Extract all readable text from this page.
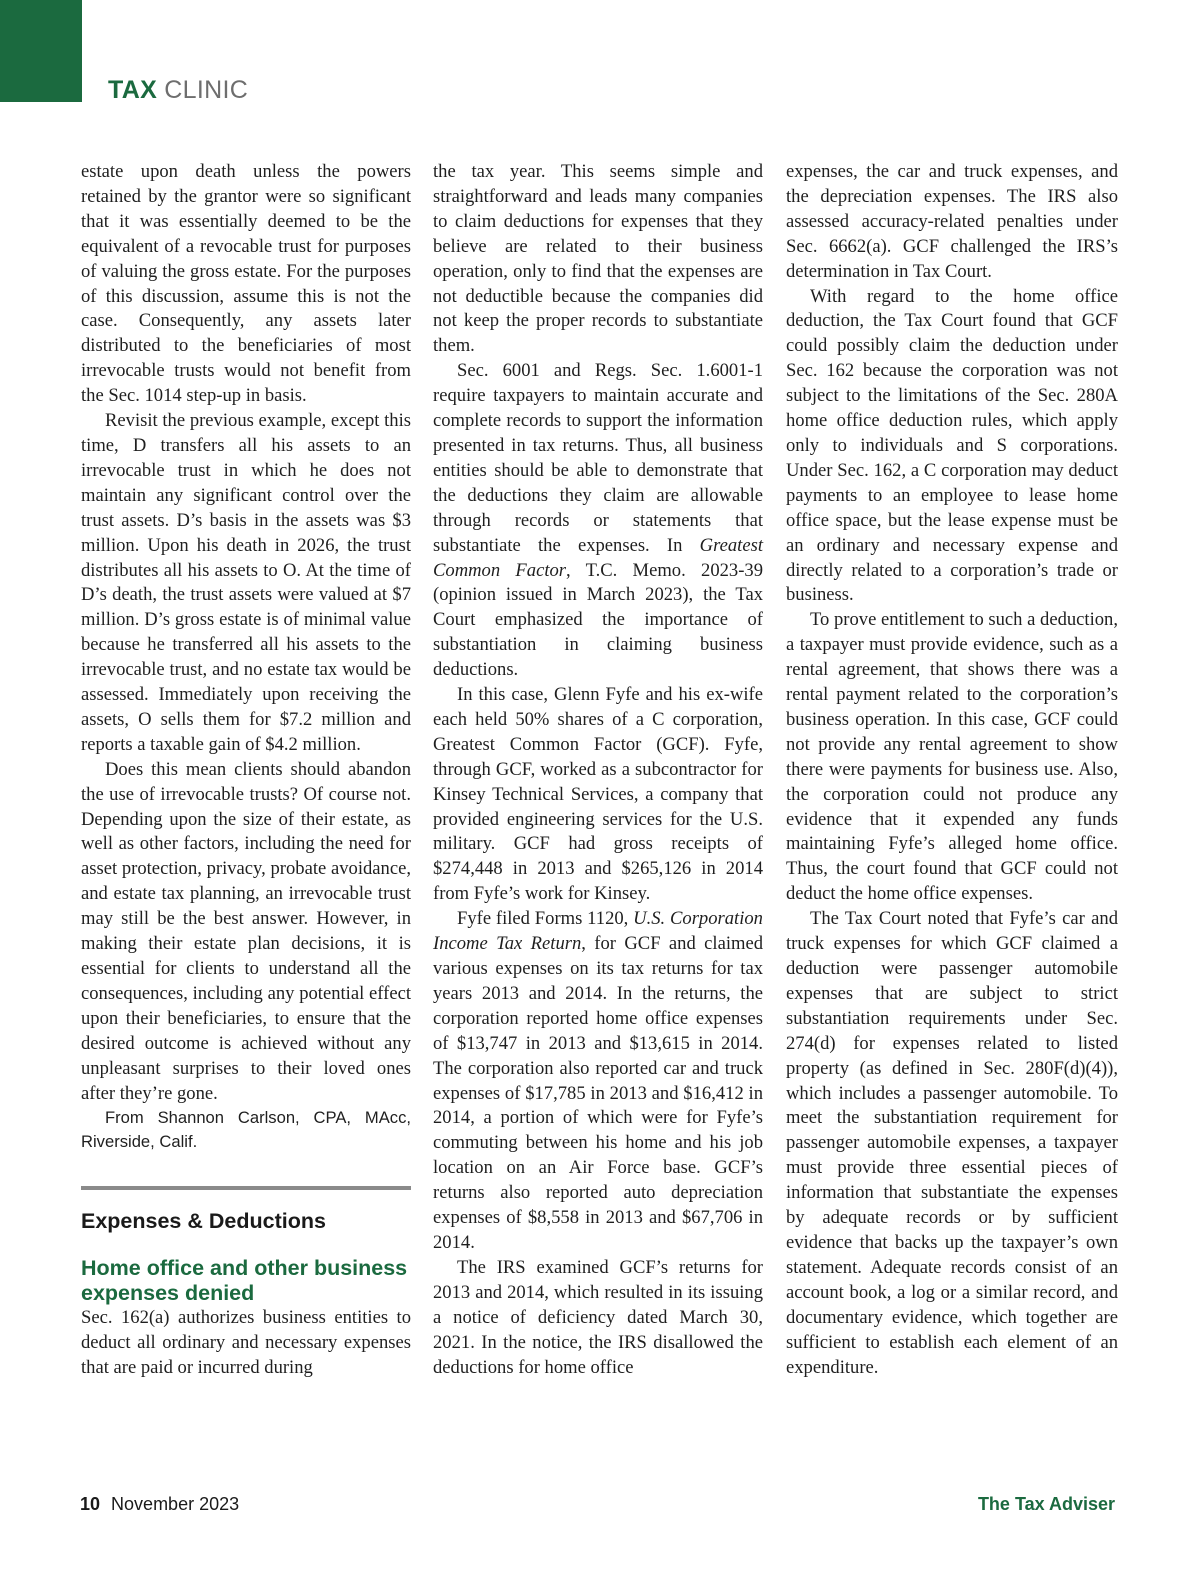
TAX CLINIC

estate upon death unless the powers retained by the grantor were so significant that it was essentially deemed to be the equivalent of a revocable trust for purposes of valuing the gross estate. For the purposes of this discussion, assume this is not the case. Consequently, any assets later distributed to the beneficiaries of most irrevocable trusts would not benefit from the Sec. 1014 step-up in basis.

Revisit the previous example, except this time, D transfers all his assets to an irrevocable trust in which he does not maintain any significant control over the trust assets. D’s basis in the assets was $3 million. Upon his death in 2026, the trust distributes all his assets to O. At the time of D’s death, the trust assets were valued at $7 million. D’s gross estate is of minimal value because he transferred all his assets to the irrevocable trust, and no estate tax would be assessed. Immediately upon receiving the assets, O sells them for $7.2 million and reports a taxable gain of $4.2 million.

Does this mean clients should abandon the use of irrevocable trusts? Of course not. Depending upon the size of their estate, as well as other factors, including the need for asset protection, privacy, probate avoidance, and estate tax planning, an irrevocable trust may still be the best answer. However, in making their estate plan decisions, it is essential for clients to understand all the consequences, including any potential effect upon their beneficiaries, to ensure that the desired outcome is achieved without any unpleasant surprises to their loved ones after they’re gone.

From Shannon Carlson, CPA, MAcc, Riverside, Calif.

Expenses & Deductions
Home office and other business expenses denied

Sec. 162(a) authorizes business entities to deduct all ordinary and necessary expenses that are paid or incurred during

the tax year. This seems simple and straightforward and leads many companies to claim deductions for expenses that they believe are related to their business operation, only to find that the expenses are not deductible because the companies did not keep the proper records to substantiate them.

Sec. 6001 and Regs. Sec. 1.6001-1 require taxpayers to maintain accurate and complete records to support the information presented in tax returns. Thus, all business entities should be able to demonstrate that the deductions they claim are allowable through records or statements that substantiate the expenses. In Greatest Common Factor, T.C. Memo. 2023-39 (opinion issued in March 2023), the Tax Court emphasized the importance of substantiation in claiming business deductions.

In this case, Glenn Fyfe and his ex-wife each held 50% shares of a C corporation, Greatest Common Factor (GCF). Fyfe, through GCF, worked as a subcontractor for Kinsey Technical Services, a company that provided engineering services for the U.S. military. GCF had gross receipts of $274,448 in 2013 and $265,126 in 2014 from Fyfe’s work for Kinsey.

Fyfe filed Forms 1120, U.S. Corporation Income Tax Return, for GCF and claimed various expenses on its tax returns for tax years 2013 and 2014. In the returns, the corporation reported home office expenses of $13,747 in 2013 and $13,615 in 2014. The corporation also reported car and truck expenses of $17,785 in 2013 and $16,412 in 2014, a portion of which were for Fyfe’s commuting between his home and his job location on an Air Force base. GCF’s returns also reported auto depreciation expenses of $8,558 in 2013 and $67,706 in 2014.

The IRS examined GCF’s returns for 2013 and 2014, which resulted in its issuing a notice of deficiency dated March 30, 2021. In the notice, the IRS disallowed the deductions for home office

expenses, the car and truck expenses, and the depreciation expenses. The IRS also assessed accuracy-related penalties under Sec. 6662(a). GCF challenged the IRS’s determination in Tax Court.

With regard to the home office deduction, the Tax Court found that GCF could possibly claim the deduction under Sec. 162 because the corporation was not subject to the limitations of the Sec. 280A home office deduction rules, which apply only to individuals and S corporations. Under Sec. 162, a C corporation may deduct payments to an employee to lease home office space, but the lease expense must be an ordinary and necessary expense and directly related to a corporation’s trade or business.

To prove entitlement to such a deduction, a taxpayer must provide evidence, such as a rental agreement, that shows there was a rental payment related to the corporation’s business operation. In this case, GCF could not provide any rental agreement to show there were payments for business use. Also, the corporation could not produce any evidence that it expended any funds maintaining Fyfe’s alleged home office. Thus, the court found that GCF could not deduct the home office expenses.

The Tax Court noted that Fyfe’s car and truck expenses for which GCF claimed a deduction were passenger automobile expenses that are subject to strict substantiation requirements under Sec. 274(d) for expenses related to listed property (as defined in Sec. 280F(d)(4)), which includes a passenger automobile. To meet the substantiation requirement for passenger automobile expenses, a taxpayer must provide three essential pieces of information that substantiate the expenses by adequate records or by sufficient evidence that backs up the taxpayer’s own statement. Adequate records consist of an account book, a log or a similar record, and documentary evidence, which together are sufficient to establish each element of an expenditure.

10 November 2023	The Tax Adviser
